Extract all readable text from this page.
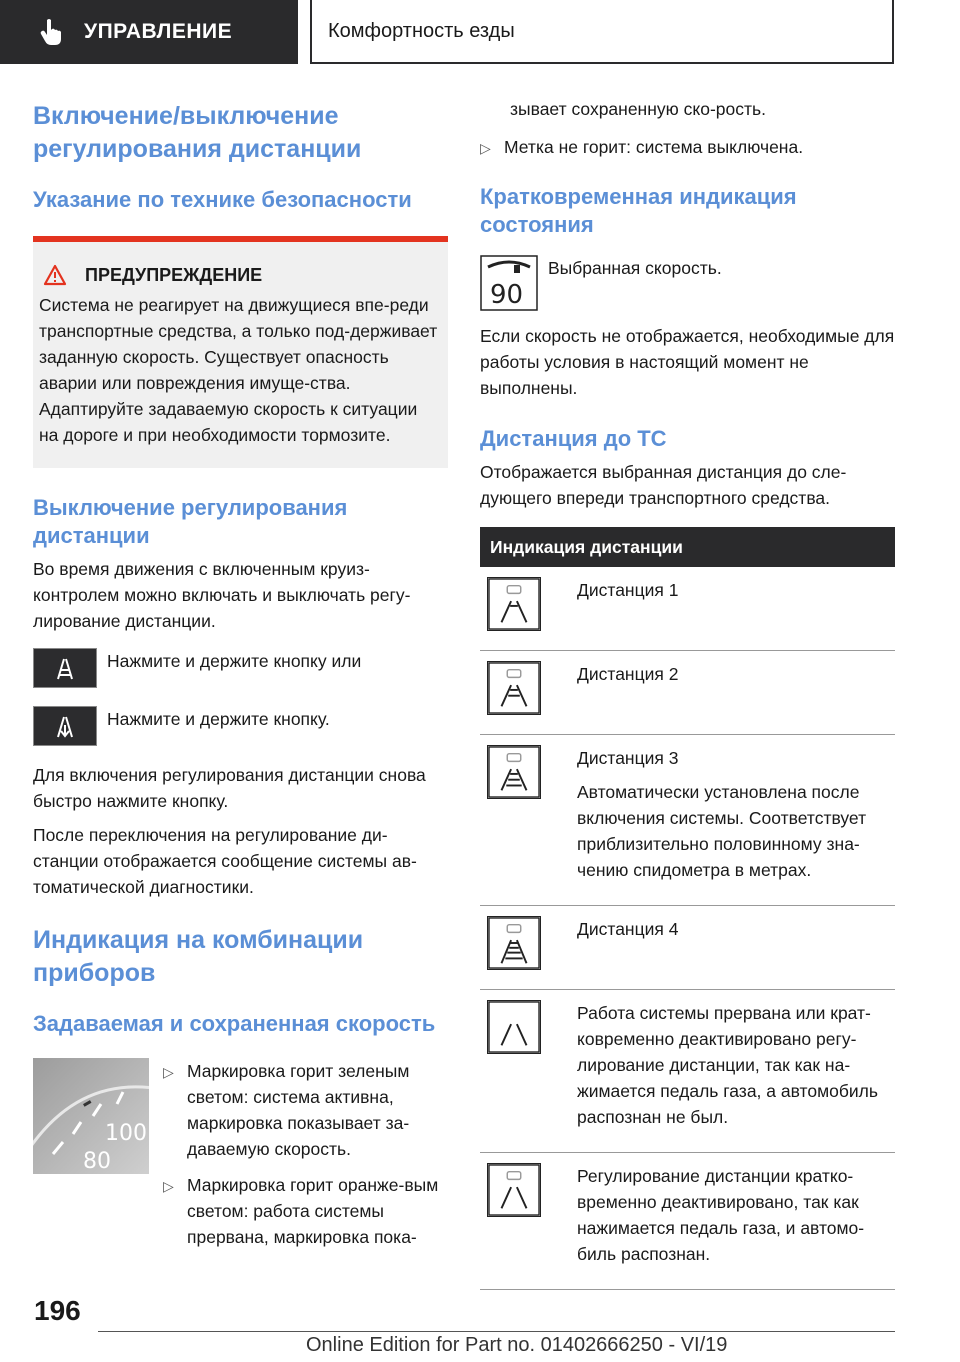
УПРАВЛЕНИЕ	Комфортность езды
Включение/выключение регулирования дистанции
Указание по технике безопасности
ПРЕДУПРЕЖДЕНИЕ

Система не реагирует на движущиеся впе-реди транспортные средства, а только под-держивает заданную скорость. Существует опасность аварии или повреждения имуще-ства. Адаптируйте задаваемую скорость к ситуации на дороге и при необходимости тормозите.

Выключение регулирования дистанции

Во время движения с включенным круиз-контролем можно включать и выключать регу-лирование дистанции.

Нажмите и держите кнопку или

Нажмите и держите кнопку.

Для включения регулирования дистанции снова быстро нажмите кнопку.

После переключения на регулирование ди-станции отображается сообщение системы ав-томатической диагностики.

Индикация на комбинации приборов
Задаваемая и сохраненная скорость
100
80
▷ Маркировка горит зеленым светом: система активна, маркировка показывает за-даваемую скорость.
▷ Маркировка горит оранже-вым светом: работа системы прервана, маркировка пока-

зывает сохраненную ско-рость.

▷ Метка не горит: система выключена.
Кратковременная индикация состояния
90

Выбранная скорость.

Если скорость не отображается, необходимые для работы условия в настоящий момент не выполнены.

Дистанция до ТС

Отображается выбранная дистанция до сле-дующего впереди транспортного средства.

Индикация дистанции	

Дистанция 1

Дистанция 2

Дистанция 3

Автоматически установлена после включения системы. Соответствует приблизительно половинному зна-чению спидометра в метрах.

Дистанция 4

Работа системы прервана или крат-ковременно деактивировано регу-лирование дистанции, так как на-жимается педаль газа, а автомобиль распознан не был.

Регулирование дистанции кратко-временно деактивировано, так как нажимается педаль газа, и автомо-биль распознан.

196
Online Edition for Part no. 01402666250 - VI/19
